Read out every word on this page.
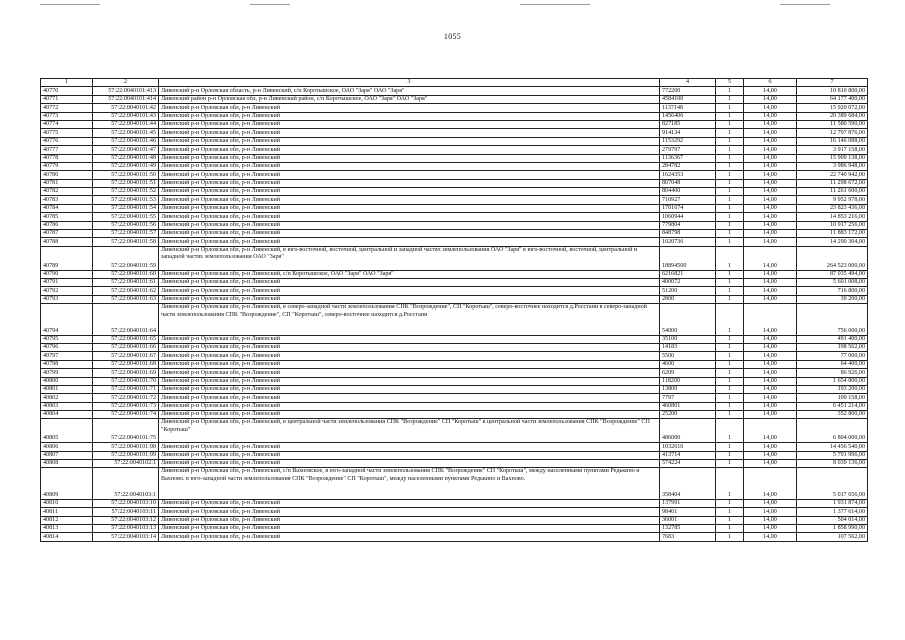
1055
1	2	3	4	5	6	7
40770	57:22:0040101:413	Ливенский р-н Орловская область, р-н Ливенский, с/п Коротышское, ОАО "Заря" ОАО "Заря"	772200	1	14,00	10 810 800,00
40771	57:22:0040101:414	Ливенский район р-н Орловская обл, р-н Ливенский район, с/п Коротышское, ОАО "Заря" ОАО "Заря"	4584100	1	14,00	64 177 400,00
40772	57:22:0040101:42	Ливенский р-н Орловская обл, р-н Ливенский	1137148	1	14,00	15 920 072,00
40773	57:22:0040101:43	Ливенский р-н Орловская обл, р-н Ливенский	1456406	1	14,00	20 389 684,00
40774	57:22:0040101:44	Ливенский р-н Орловская обл, р-н Ливенский	827185	1	14,00	11 580 590,00
40775	57:22:0040101:45	Ливенский р-н Орловская обл, р-н Ливенский	914134	1	14,00	12 797 876,00
40776	57:22:0040101:46	Ливенский р-н Орловская обл, р-н Ливенский	1153292	1	14,00	16 146 088,00
40777	57:22:0040101:47	Ливенский р-н Орловская обл, р-н Ливенский	279797	1	14,00	3 917 158,00
40778	57:22:0040101:48	Ливенский р-н Орловская обл, р-н Ливенский	1136367	1	14,00	15 909 138,00
40779	57:22:0040101:49	Ливенский р-н Орловская обл, р-н Ливенский	284782	1	14,00	3 986 948,00
40780	57:22:0040101:50	Ливенский р-н Орловская обл, р-н Ливенский	1624353	1	14,00	22 740 942,00
40781	57:22:0040101:51	Ливенский р-н Орловская обл, р-н Ливенский	807048	1	14,00	11 298 672,00
40782	57:22:0040101:52	Ливенский р-н Орловская обл, р-н Ливенский	804400	1	14,00	11 261 600,00
40783	57:22:0040101:53	Ливенский р-н Орловская обл, р-н Ливенский	710927	1	14,00	9 952 978,00
40784	57:22:0040101:54	Ливенский р-н Орловская обл, р-н Ливенский	1701674	1	14,00	23 823 436,00
40785	57:22:0040101:55	Ливенский р-н Орловская обл, р-н Ливенский	1060944	1	14,00	14 853 216,00
40786	57:22:0040101:56	Ливенский р-н Орловская обл, р-н Ливенский	779804	1	14,00	10 917 256,00
40787	57:22:0040101:57	Ливенский р-н Орловская обл, р-н Ливенский	848798	1	14,00	11 883 172,00
40788	57:22:0040101:58	Ливенский р-н Орловская обл, р-н Ливенский	1020736	1	14,00	14 290 304,00
40789	57:22:0040101:59	Ливенский р-н Орловская обл, р-н Ливенский, в юго-восточной, восточной, центральной и западной частях землепользования ОАО "Заря" в юго-восточной, восточной, центральной и западной частях землепользования ОАО "Заря"	18894500	1	14,00	264 523 000,00
40790	57:22:0040101:60	Ливенский р-н Орловская обл, р-н Ливенский, с/п Коротышское, ОАО "Заря" ОАО "Заря"	6216821	1	14,00	87 035 494,00
40791	57:22:0040101:61	Ливенский р-н Орловская обл, р-н Ливенский	400072	1	14,00	5 601 008,00
40792	57:22:0040101:62	Ливенский р-н Орловская обл, р-н Ливенский	51200	1	14,00	716 800,00
40793	57:22:0040101:63	Ливенский р-н Орловская обл, р-н Ливенский	2800	1	14,00	39 200,00
40794	57:22:0040101:64	Ливенский р-н Орловская обл, р-н Ливенский, в северо-западной части землепользования СПК "Возрождение", СП "Коротыш", северо-восточнее находится д.Росстани в северо-западной части землепользования СПК "Возрождение", СП "Коротыш", северо-восточнее находится д.Росстани	54000	1	14,00	756 000,00
40795	57:22:0040101:65	Ливенский р-н Орловская обл, р-н Ливенский	35100	1	14,00	491 400,00
40796	57:22:0040101:66	Ливенский р-н Орловская обл, р-н Ливенский	14183	1	14,00	198 562,00
40797	57:22:0040101:67	Ливенский р-н Орловская обл, р-н Ливенский	5500	1	14,00	77 000,00
40798	57:22:0040101:68	Ливенский р-н Орловская обл, р-н Ливенский	4600	1	14,00	64 400,00
40799	57:22:0040101:69	Ливенский р-н Орловская обл, р-н Ливенский	6209	1	14,00	86 926,00
40800	57:22:0040101:70	Ливенский р-н Орловская обл, р-н Ливенский	118200	1	14,00	1 654 800,00
40801	57:22:0040101:71	Ливенский р-н Орловская обл, р-н Ливенский	13800	1	14,00	193 200,00
40802	57:22:0040101:72	Ливенский р-н Орловская обл, р-н Ливенский	7797	1	14,00	109 158,00
40803	57:22:0040101:73	Ливенский р-н Орловская обл, р-н Ливенский	460801	1	14,00	6 451 214,00
40804	57:22:0040101:74	Ливенский р-н Орловская обл, р-н Ливенский	25200	1	14,00	352 800,00
40805	57:22:0040101:75	Ливенский р-н Орловская обл, р-н Ливенский, в центральной части землепользования СПК "Возрождение" СП "Коротыш" в центральной части землепользования СПК "Возрождение" СП "Коротыш"	486000	1	14,00	6 804 000,00
40806	57:22:0040101:98	Ливенский р-н Орловская обл, р-н Ливенский	1032610	1	14,00	14 456 540,00
40807	57:22:0040101:99	Ливенский р-н Орловская обл, р-н Ливенский	413714	1	14,00	5 791 996,00
40808	57:22:0040102:1	Ливенский р-н Орловская обл, р-н Ливенский	574224	1	14,00	8 039 136,00
40809	57:22:0040103:1	Ливенский р-н Орловская обл, р-н Ливенский, с/п Вахновское, в юго-западной части землепользования СПК "Возрождение" СП "Коротыш", между населенными пунктами Редькино и Вахново. в юго-западной части землепользования СПК "Возрождение" СП "Коротыш", между населенными пунктами Редькино и Вахново.	358404	1	14,00	5 017 656,00
40810	57:22:0040103:10	Ливенский р-н Орловская обл, р-н Ливенский	137991	1	14,00	1 931 874,00
40811	57:22:0040103:11	Ливенский р-н Орловская обл, р-н Ливенский	98401	1	14,00	1 377 614,00
40812	57:22:0040103:12	Ливенский р-н Орловская обл, р-н Ливенский	36001	1	14,00	504 014,00
40813	57:22:0040103:13	Ливенский р-н Орловская обл, р-н Ливенский	132785	1	14,00	1 858 990,00
40814	57:22:0040103:14	Ливенский р-н Орловская обл, р-н Ливенский	7683	1	14,00	107 562,00
